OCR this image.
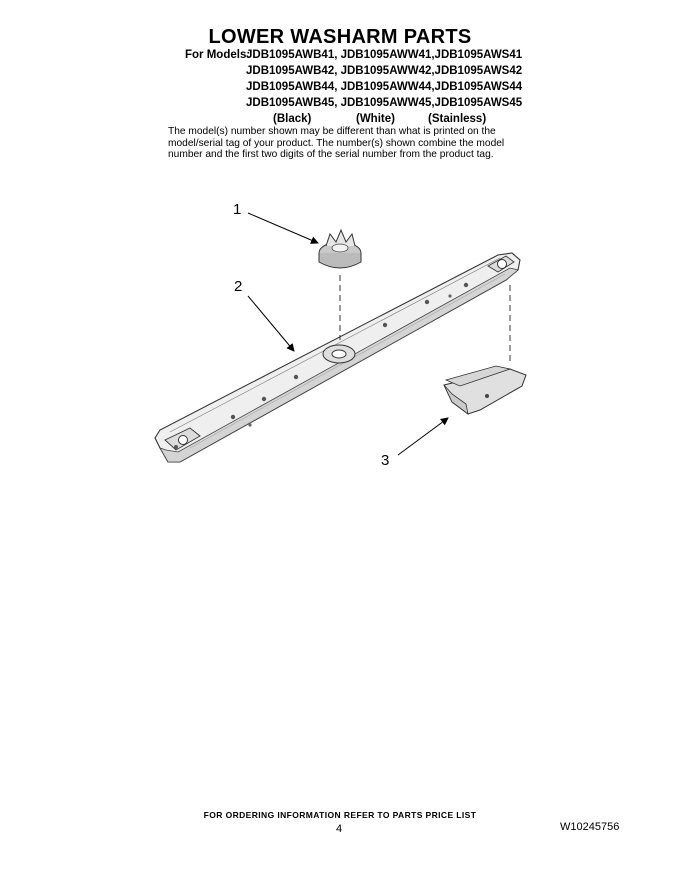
LOWER WASHARM PARTS
For Models:
JDB1095AWB41, JDB1095AWW41,JDB1095AWS41
JDB1095AWB42, JDB1095AWW42,JDB1095AWS42
JDB1095AWB44, JDB1095AWW44,JDB1095AWS44
JDB1095AWB45, JDB1095AWW45,JDB1095AWS45
(Black)	(White)	(Stainless)
The model(s) number shown may be different than what is printed on the model/serial tag of your product. The number(s) shown combine the model number and the first two digits of the serial number from the product tag.
1
2
3
FOR ORDERING INFORMATION REFER TO PARTS PRICE LIST
4	W10245756
